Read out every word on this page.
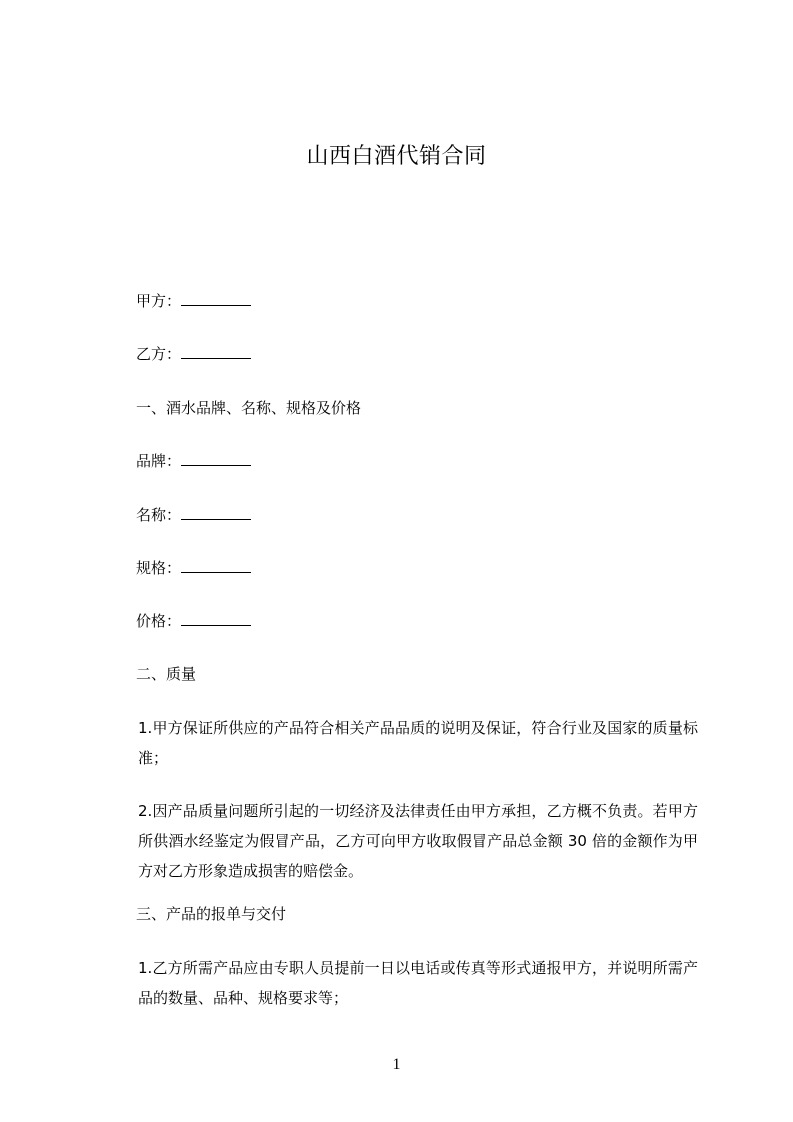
山西白酒代销合同
甲方：
乙方：
一、酒水品牌、名称、规格及价格
品牌：
名称：
规格：
价格：
二、质量
1.甲方保证所供应的产品符合相关产品品质的说明及保证，符合行业及国家的质量标准；
2.因产品质量问题所引起的一切经济及法律责任由甲方承担，乙方概不负责。若甲方所供酒水经鉴定为假冒产品，乙方可向甲方收取假冒产品总金额 30 倍的金额作为甲方对乙方形象造成损害的赔偿金。
三、产品的报单与交付
1.乙方所需产品应由专职人员提前一日以电话或传真等形式通报甲方，并说明所需产品的数量、品种、规格要求等；
1
